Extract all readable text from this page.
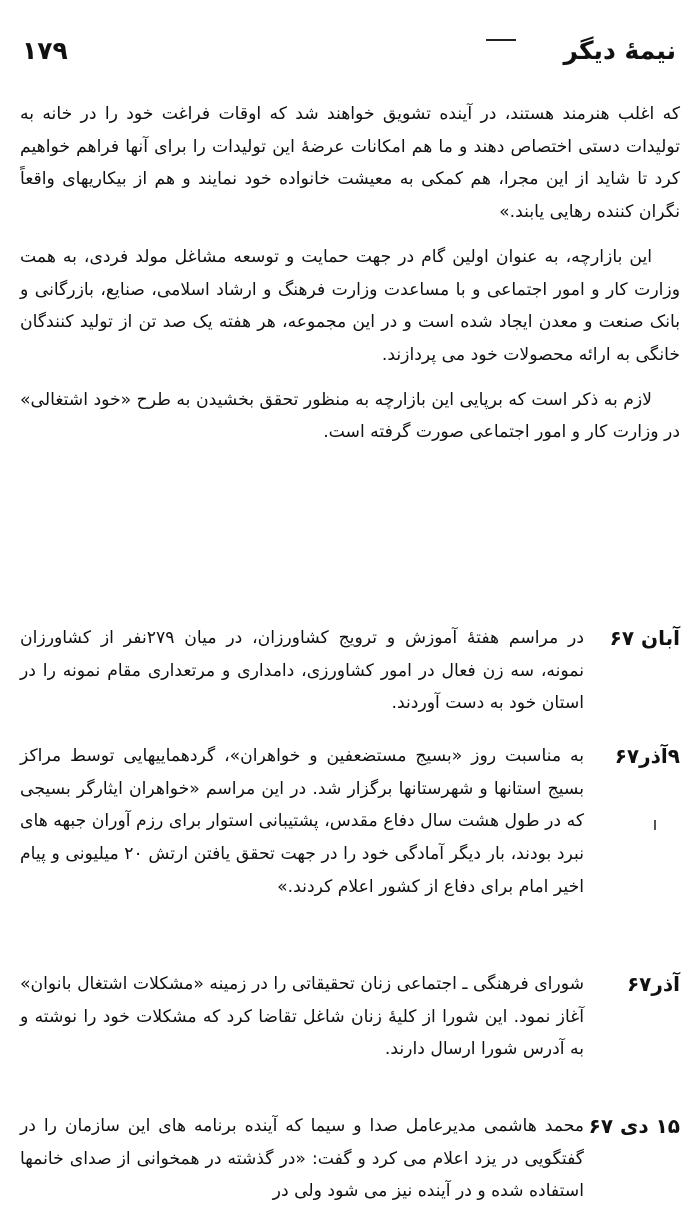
نیمهٔ دیگر
۱۷۹

که اغلب هنرمند هستند، در آینده تشویق خواهند شد که اوقات فراغت خود را در خانه به تولیدات دستی اختصاص دهند و ما هم امکانات عرضهٔ این تولیدات را برای آنها فراهم خواهیم کرد تا شاید از این مجرا، هم کمکی به معیشت خانواده خود نمایند و هم از بیکاریهای واقعاً نگران کننده رهایی یابند.»

این بازارچه، به عنوان اولین گام در جهت حمایت و توسعه مشاغل مولد فردی، به همت وزارت کار و امور اجتماعی و با مساعدت وزارت فرهنگ و ارشاد اسلامی، صنایع، بازرگانی و بانک صنعت و معدن ایجاد شده است و در این مجموعه، هر هفته یک صد تن از تولید کنندگان خانگی به ارائه محصولات خود می پردازند.

لازم به ذکر است که برپایی این بازارچه به منظور تحقق بخشیدن به طرح «خود اشتغالی» در وزارت کار و امور اجتماعی صورت گرفته است.

آبان ۶۷
در مراسم هفتهٔ آموزش و ترویج کشاورزان، در میان ۲۷۹نفر از کشاورزان نمونه، سه زن فعال در امور کشاورزی، دامداری و مرتعداری مقام نمونه را در استان خود به دست آوردند.
۹آذر۶۷
به مناسبت روز «بسیج مستضعفین و خواهران»، گردهماییهایی توسط مراکز بسیج استانها و شهرستانها برگزار شد. در این مراسم «خواهران ایثارگر بسیجی که در طول هشت سال دفاع مقدس، پشتیبانی استوار برای رزم آوران جبهه های نبرد بودند، بار دیگر آمادگی خود را در جهت تحقق یافتن ارتش ۲۰ میلیونی و پیام اخیر امام برای دفاع از کشور اعلام کردند.»
آذر۶۷
شورای فرهنگی ـ اجتماعی زنان تحقیقاتی را در زمینه «مشکلات اشتغال بانوان» آغاز نمود. این شورا از کلیهٔ زنان شاغل تقاضا کرد که مشکلات خود را نوشته و به آدرس شورا ارسال دارند.
۱۵ دی ۶۷
محمد هاشمی مدیرعامل صدا و سیما که آینده برنامه های این سازمان را در گفتگویی در یزد اعلام می کرد و گفت: «در گذشته در همخوانی از صدای خانمها استفاده شده و در آینده نیز می شود ولی در
